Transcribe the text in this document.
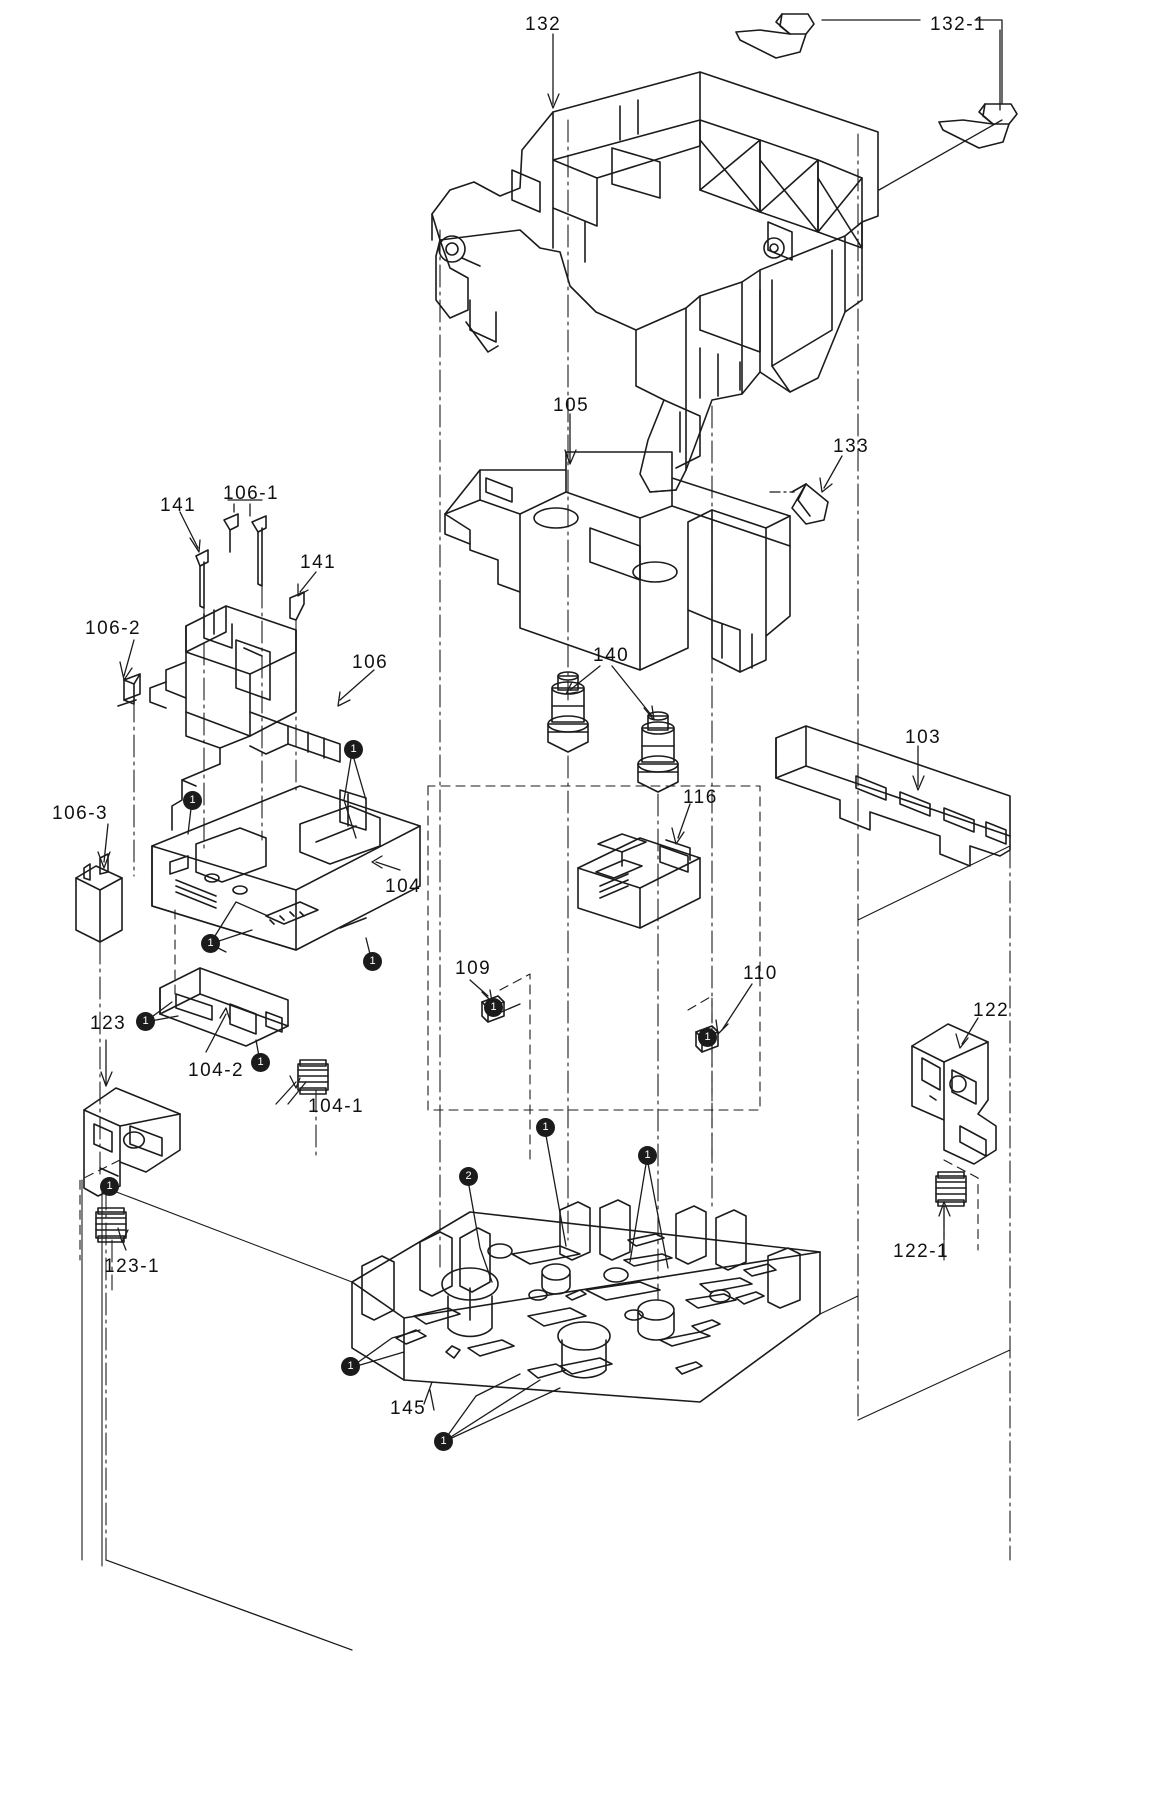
132	132-1
105
133
141
106-1
141
106-2
106	140
103
116
106-3
104
109	110
122
123
104-2
104-1
122-1
123-1
145
1
1
1
1
1
1
1
1
1
1
2
1
1
1
